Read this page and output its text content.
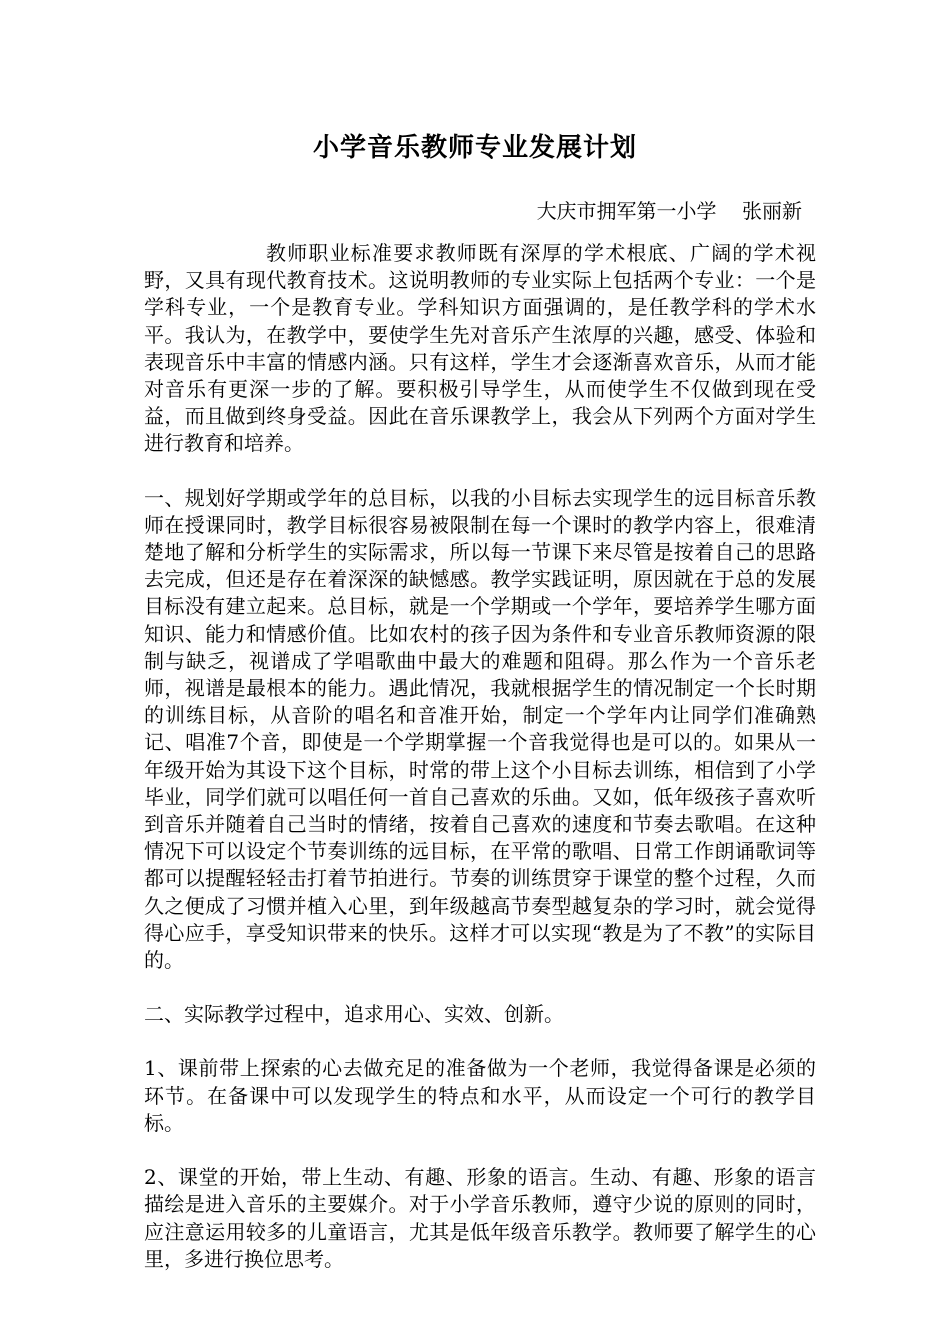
小学音乐教师专业发展计划
大庆市拥军第一小学    张丽新

教师职业标准要求教师既有深厚的学术根底、广阔的学术视野，又具有现代教育技术。这说明教师的专业实际上包括两个专业：一个是学科专业，一个是教育专业。学科知识方面强调的，是任教学科的学术水平。我认为，在教学中，要使学生先对音乐产生浓厚的兴趣，感受、体验和表现音乐中丰富的情感内涵。只有这样，学生才会逐渐喜欢音乐，从而才能对音乐有更深一步的了解。要积极引导学生，从而使学生不仅做到现在受益，而且做到终身受益。因此在音乐课教学上，我会从下列两个方面对学生进行教育和培养。

一、规划好学期或学年的总目标，以我的小目标去实现学生的远目标音乐教师在授课同时，教学目标很容易被限制在每一个课时的教学内容上，很难清楚地了解和分析学生的实际需求，所以每一节课下来尽管是按着自己的思路去完成，但还是存在着深深的缺憾感。教学实践证明，原因就在于总的发展目标没有建立起来。总目标，就是一个学期或一个学年，要培养学生哪方面知识、能力和情感价值。比如农村的孩子因为条件和专业音乐教师资源的限制与缺乏，视谱成了学唱歌曲中最大的难题和阻碍。那么作为一个音乐老师，视谱是最根本的能力。遇此情况，我就根据学生的情况制定一个长时期的训练目标，从音阶的唱名和音准开始，制定一个学年内让同学们准确熟记、唱准7个音，即使是一个学期掌握一个音我觉得也是可以的。如果从一年级开始为其设下这个目标，时常的带上这个小目标去训练，相信到了小学毕业，同学们就可以唱任何一首自己喜欢的乐曲。又如，低年级孩子喜欢听到音乐并随着自己当时的情绪，按着自己喜欢的速度和节奏去歌唱。在这种情况下可以设定个节奏训练的远目标，在平常的歌唱、日常工作朗诵歌词等都可以提醒轻轻击打着节拍进行。节奏的训练贯穿于课堂的整个过程，久而久之便成了习惯并植入心里，到年级越高节奏型越复杂的学习时，就会觉得得心应手，享受知识带来的快乐。这样才可以实现“教是为了不教”的实际目的。

二、实际教学过程中，追求用心、实效、创新。

1、课前带上探索的心去做充足的准备做为一个老师，我觉得备课是必须的环节。在备课中可以发现学生的特点和水平，从而设定一个可行的教学目标。

2、课堂的开始，带上生动、有趣、形象的语言。生动、有趣、形象的语言描绘是进入音乐的主要媒介。对于小学音乐教师，遵守少说的原则的同时，应注意运用较多的儿童语言，尤其是低年级音乐教学。教师要了解学生的心里，多进行换位思考。
